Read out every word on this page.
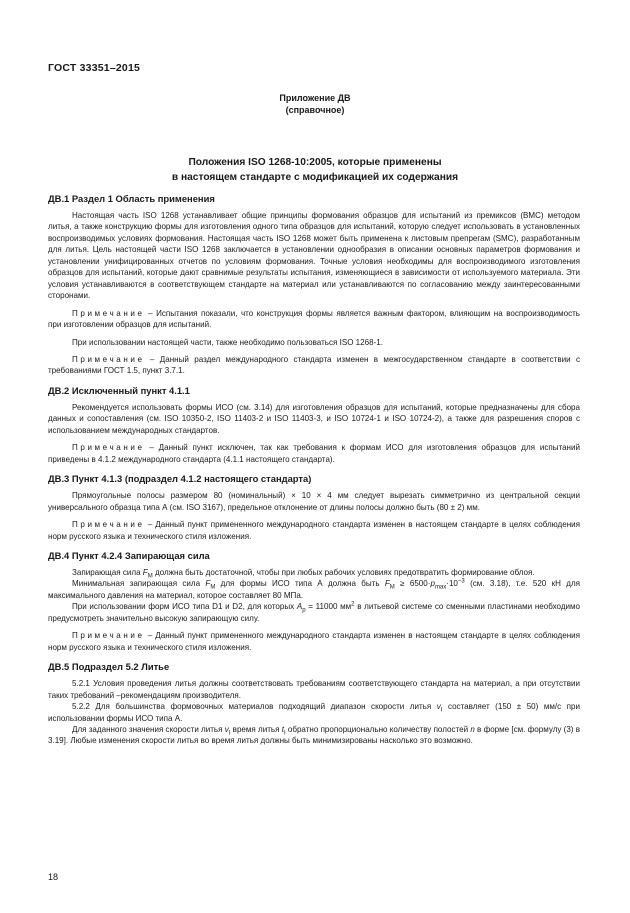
ГОСТ 33351–2015
Приложение ДВ
(справочное)
Положения ISO 1268-10:2005, которые применены
в настоящем стандарте с модификацией их содержания
ДВ.1 Раздел 1 Область применения

Настоящая часть ISO 1268 устанавливает общие принципы формования образцов для испытаний из премиксов (BMC) методом литья, а также конструкцию формы для изготовления одного типа образцов для испытаний, которую следует использовать в установленных воспроизводимых условиях формования. Настоящая часть ISO 1268 может быть применена к листовым препрегам (SMC), разработанным для литья. Цель настоящей части ISO 1268 заключается в установлении однообразия в описании основных параметров формования и установлении унифицированных отчетов по условиям формования. Точные условия необходимы для воспроизводимого изготовления образцов для испытаний, которые дают сравнимые результаты испытания, изменяющиеся в зависимости от используемого материала. Эти условия устанавливаются в соответствующем стандарте на материал или устанавливаются по согласованию между заинтересованными сторонами.

Примечание – Испытания показали, что конструкция формы является важным фактором, влияющим на воспроизводимость при изготовлении образцов для испытаний.

При использовании настоящей части, также необходимо пользоваться ISO 1268-1.

Примечание – Данный раздел международного стандарта изменен в межгосударственном стандарте в соответствии с требованиями ГОСТ 1.5, пункт 3.7.1.

ДВ.2 Исключенный пункт 4.1.1

Рекомендуется использовать формы ИСО (см. 3.14) для изготовления образцов для испытаний, которые предназначены для сбора данных и сопоставления (см. ISO 10350-2, ISO 11403-2 и ISO 11403-3, и ISO 10724-1 и ISO 10724-2), а также для разрешения споров с использованием международных стандартов.

Примечание – Данный пункт исключен, так как требования к формам ИСО для изготовления образцов для испытаний приведены в 4.1.2 международного стандарта (4.1.1 настоящего стандарта).

ДВ.3 Пункт 4.1.3 (подраздел 4.1.2 настоящего стандарта)

Прямоугольные полосы размером 80 (номинальный) × 10 × 4 мм следует вырезать симметрично из центральной секции универсального образца типа А (см. ISO 3167), предельное отклонение от длины полосы должно быть (80 ± 2) мм.

Примечание – Данный пункт примененного международного стандарта изменен в настоящем стандарте в целях соблюдения норм русского языка и технического стиля изложения.

ДВ.4 Пункт 4.2.4 Запирающая сила

Запирающая сила $F_M$ должна быть достаточной, чтобы при любых рабочих условиях предотвратить формирование облоя.

Минимальная запирающая сила $F_M$ для формы ИСО типа А должна быть $F_M \ge 6500\cdot p_{max}\cdot 10^{-3}$ (см. 3.18), т.е. 520 кН для максимального давления на материал, которое составляет 80 МПа.

При использовании форм ИСО типа D1 и D2, для которых $A_p = 11000$ $мм^2$ в литьевой системе со сменными пластинами необходимо предусмотреть значительно высокую запирающую силу.

Примечание – Данный пункт примененного международного стандарта изменен в настоящем стандарте в целях соблюдения норм русского языка и технического стиля изложения.

ДВ.5 Подраздел 5.2 Литье

5.2.1 Условия проведения литья должны соответствовать требованиям соответствующего стандарта на материал, а при отсутствии таких требований –рекомендациям производителя.

5.2.2 Для большинства формовочных материалов подходящий диапазон скорости литья $v_I$ составляет (150 ± 50) мм/с при использовании формы ИСО типа А.

Для заданного значения скорости литья $v_I$ время литья $t_I$ обратно пропорционально количеству полостей n в форме [см. формулу (3) в 3.19]. Любые изменения скорости литья во время литья должны быть минимизированы насколько это возможно.

18
